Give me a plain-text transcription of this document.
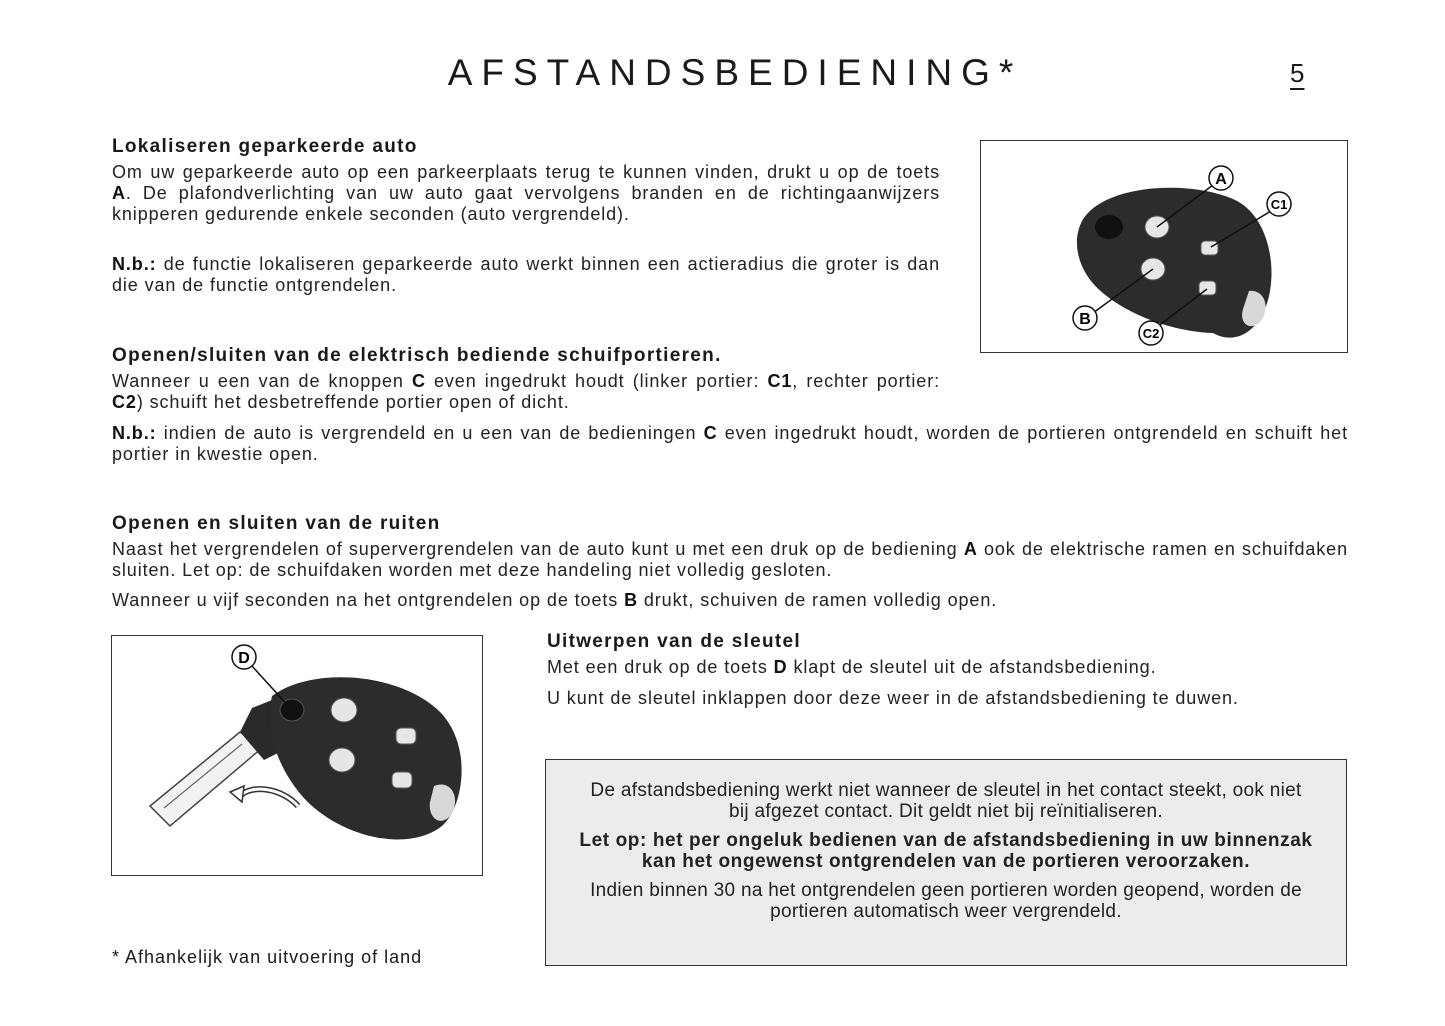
AFSTANDSBEDIENING*	5
Lokaliseren geparkeerde auto
Om uw geparkeerde auto op een parkeerplaats terug te kunnen vinden, drukt u op de toets A. De plafondverlichting van uw auto gaat vervolgens branden en de richtingaanwijzers knipperen gedurende enkele seconden (auto vergrendeld).
N.b.: de functie lokaliseren geparkeerde auto werkt binnen een actieradius die groter is dan die van de functie ontgrendelen.
A
C1
B
C2
Openen/sluiten van de elektrisch bediende schuifportieren.
Wanneer u een van de knoppen C even ingedrukt houdt (linker portier: C1, rechter portier: C2) schuift het desbetreffende portier open of dicht.
N.b.: indien de auto is vergrendeld en u een van de bedieningen C even ingedrukt houdt, worden de portieren ontgrendeld en schuift het portier in kwestie open.
Openen en sluiten van de ruiten
Naast het vergrendelen of supervergrendelen van de auto kunt u met een druk op de bediening A ook de elektrische ramen en schuifdaken sluiten. Let op: de schuifdaken worden met deze handeling niet volledig gesloten.
Wanneer u vijf seconden na het ontgrendelen op de toets B drukt, schuiven de ramen volledig open.
D
Uitwerpen van de sleutel
Met een druk op de toets D klapt de sleutel uit de afstandsbediening.
U kunt de sleutel inklappen door deze weer in de afstandsbediening te duwen.
De afstandsbediening werkt niet wanneer de sleutel in het contact steekt, ook niet bij afgezet contact. Dit geldt niet bij reïnitialiseren.
Let op: het per ongeluk bedienen van de afstandsbediening in uw binnenzak kan het ongewenst ontgrendelen van de portieren veroorzaken.
Indien binnen 30 na het ontgrendelen geen portieren worden geopend, worden de portieren automatisch weer vergrendeld.
* Afhankelijk van uitvoering of land
